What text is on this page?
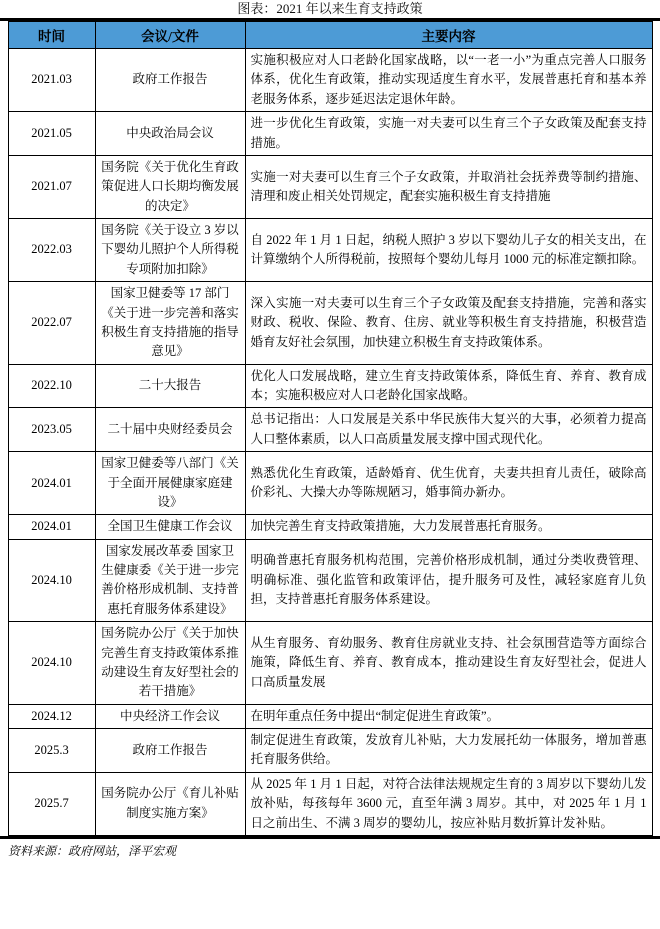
图表：2021 年以来生育支持政策
时间	会议/文件	主要内容
2021.03	政府工作报告	实施积极应对人口老龄化国家战略，以“一老一小”为重点完善人口服务体系，优化生育政策，推动实现适度生育水平，发展普惠托育和基本养老服务体系，逐步延迟法定退休年龄。
2021.05	中央政治局会议	进一步优化生育政策，实施一对夫妻可以生育三个子女政策及配套支持措施。
2021.07	国务院《关于优化生育政策促进人口长期均衡发展的决定》	实施一对夫妻可以生育三个子女政策，并取消社会抚养费等制约措施、清理和废止相关处罚规定，配套实施积极生育支持措施
2022.03	国务院《关于设立 3 岁以下婴幼儿照护个人所得税专项附加扣除》	自 2022 年 1 月 1 日起，纳税人照护 3 岁以下婴幼儿子女的相关支出，在计算缴纳个人所得税前，按照每个婴幼儿每月 1000 元的标准定额扣除。
2022.07	国家卫健委等 17 部门《关于进一步完善和落实积极生育支持措施的指导意见》	深入实施一对夫妻可以生育三个子女政策及配套支持措施，完善和落实财政、税收、保险、教育、住房、就业等积极生育支持措施，积极营造婚育友好社会氛围，加快建立积极生育支持政策体系。
2022.10	二十大报告	优化人口发展战略，建立生育支持政策体系，降低生育、养育、教育成本；实施积极应对人口老龄化国家战略。
2023.05	二十届中央财经委员会	总书记指出：人口发展是关系中华民族伟大复兴的大事，必须着力提高人口整体素质，以人口高质量发展支撑中国式现代化。
2024.01	国家卫健委等八部门《关于全面开展健康家庭建设》	熟悉优化生育政策，适龄婚育、优生优育，夫妻共担育儿责任，破除高价彩礼、大操大办等陈规陋习，婚事简办新办。
2024.01	全国卫生健康工作会议	加快完善生育支持政策措施，大力发展普惠托育服务。
2024.10	国家发展改革委 国家卫生健康委《关于进一步完善价格形成机制、支持普惠托育服务体系建设》	明确普惠托育服务机构范围，完善价格形成机制，通过分类收费管理、明确标准、强化监管和政策评估，提升服务可及性，减轻家庭育儿负担，支持普惠托育服务体系建设。
2024.10	国务院办公厅《关于加快完善生育支持政策体系推动建设生育友好型社会的若干措施》	从生育服务、育幼服务、教育住房就业支持、社会氛围营造等方面综合施策，降低生育、养育、教育成本，推动建设生育友好型社会，促进人口高质量发展
2024.12	中央经济工作会议	在明年重点任务中提出“制定促进生育政策”。
2025.3	政府工作报告	制定促进生育政策，发放育儿补贴，大力发展托幼一体服务，增加普惠托育服务供给。
2025.7	国务院办公厅《育儿补贴制度实施方案》	从 2025 年 1 月 1 日起，对符合法律法规规定生育的 3 周岁以下婴幼儿发放补贴，每孩每年 3600 元，直至年满 3 周岁。其中，对 2025 年 1 月 1 日之前出生、不满 3 周岁的婴幼儿，按应补贴月数折算计发补贴。
资料来源：政府网站，泽平宏观
